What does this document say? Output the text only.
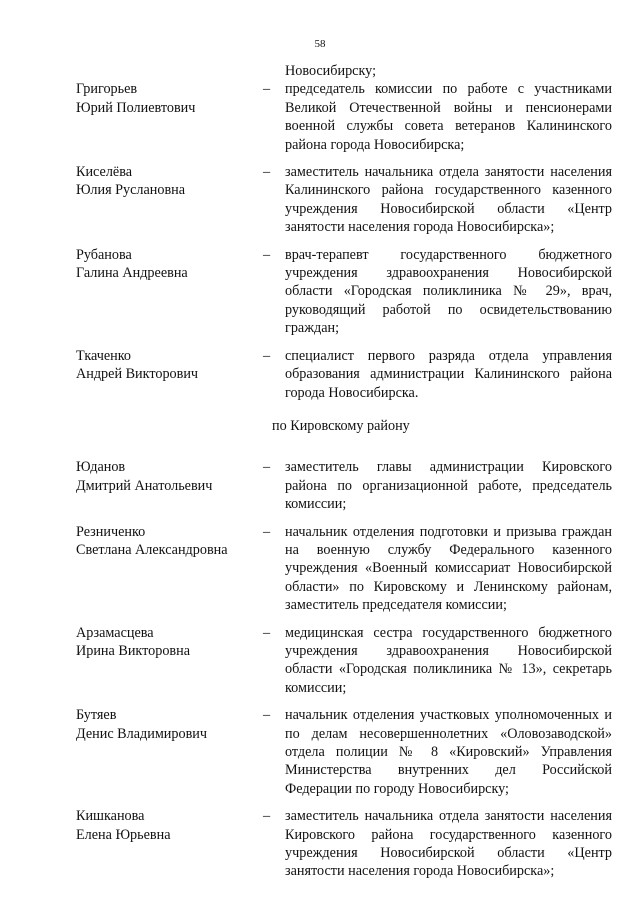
58
Новосибирску;
Григорьев
Юрий Полиевтович
–	председатель комиссии по работе с участниками Великой Отечественной войны и пенсионерами военной службы совета ветеранов Калининского района города Новосибирска;
Киселёва
Юлия Руслановна
–	заместитель начальника отдела занятости населения Калининского района государственного казенного учреждения Новосибирской области «Центр занятости населения города Новосибирска»;
Рубанова
Галина Андреевна
–	врач-терапевт государственного бюджетного учреждения здравоохранения Новосибирской области «Городская поликлиника № 29», врач, руководящий работой по освидетельствованию граждан;
Ткаченко
Андрей Викторович
–	специалист первого разряда отдела управления образования администрации Калининского района города Новосибирска.
по Кировскому району
Юданов
Дмитрий Анатольевич
–	заместитель главы администрации Кировского района по организационной работе, председатель комиссии;
Резниченко
Светлана Александровна
–	начальник отделения подготовки и призыва граждан на военную службу Федерального казенного учреждения «Военный комиссариат Новосибирской области» по Кировскому и Ленинскому районам, заместитель председателя комиссии;
Арзамасцева
Ирина Викторовна
–	медицинская сестра государственного бюджетного учреждения здравоохранения Новосибирской области «Городская поликлиника № 13», секретарь комиссии;
Бутяев
Денис Владимирович
–	начальник отделения участковых уполномоченных и по делам несовершеннолетних «Оловозаводской» отдела полиции № 8 «Кировский» Управления Министерства внутренних дел Российской Федерации по городу Новосибирску;
Кишканова
Елена Юрьевна
–	заместитель начальника отдела занятости населения Кировского района государственного казенного учреждения Новосибирской области «Центр занятости населения города Новосибирска»;
